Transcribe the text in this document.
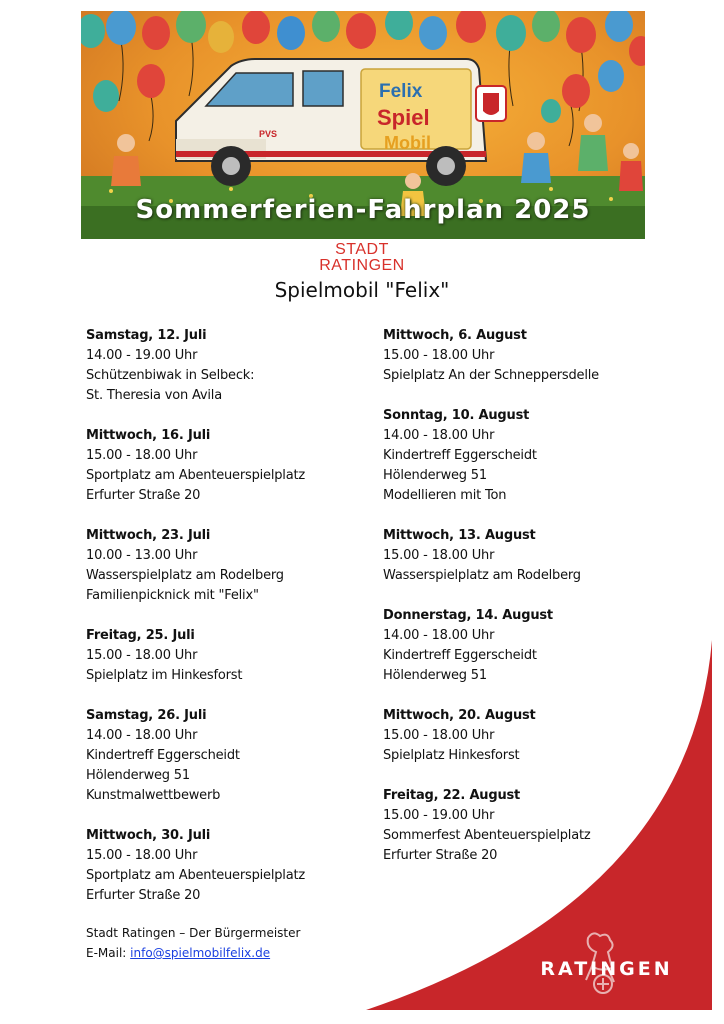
Felix
Spiel
Mobil
PVS
Sommerferien-Fahrplan 2025
STADT
RATINGEN
Spielmobil "Felix"
RATINGEN
Samstag, 12. Juli
14.00 - 19.00 Uhr
Schützenbiwak in Selbeck:
St. Theresia von Avila
Mittwoch, 16. Juli
15.00 - 18.00 Uhr
Sportplatz am Abenteuerspielplatz
Erfurter Straße 20
Mittwoch, 23. Juli
10.00 - 13.00 Uhr
Wasserspielplatz am Rodelberg
Familienpicknick mit "Felix"
Freitag, 25. Juli
15.00 - 18.00 Uhr
Spielplatz im Hinkesforst
Samstag, 26. Juli
14.00 - 18.00 Uhr
Kindertreff Eggerscheidt
Hölenderweg 51
Kunstmalwettbewerb
Mittwoch, 30. Juli
15.00 - 18.00 Uhr
Sportplatz am Abenteuerspielplatz
Erfurter Straße 20
Mittwoch, 6. August
15.00 - 18.00 Uhr
Spielplatz An der Schneppersdelle
Sonntag, 10. August
14.00 - 18.00 Uhr
Kindertreff Eggerscheidt
Hölenderweg 51
Modellieren mit Ton
Mittwoch, 13. August
15.00 - 18.00 Uhr
Wasserspielplatz am Rodelberg
Donnerstag, 14. August
14.00 - 18.00 Uhr
Kindertreff Eggerscheidt
Hölenderweg 51
Mittwoch, 20. August
15.00 - 18.00 Uhr
Spielplatz Hinkesforst
Freitag, 22. August
15.00 - 19.00 Uhr
Sommerfest Abenteuerspielplatz
Erfurter Straße 20
Stadt Ratingen – Der Bürgermeister
E-Mail: info@spielmobilfelix.de
